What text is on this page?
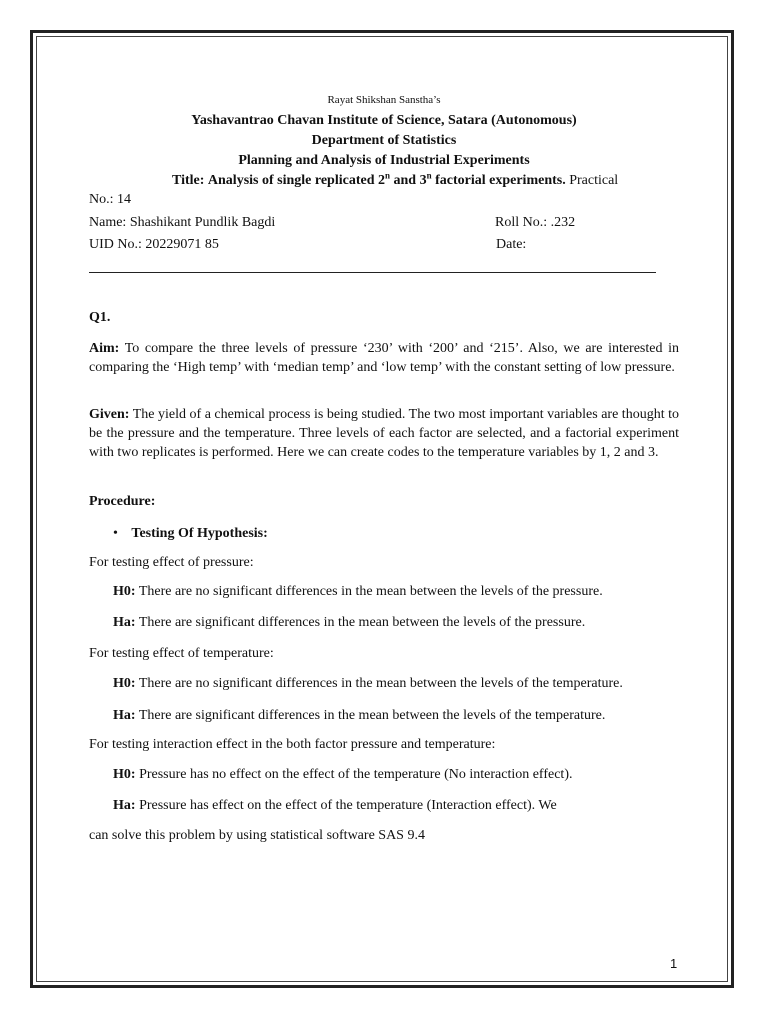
Rayat Shikshan Sanstha’s
Yashavantrao Chavan Institute of Science, Satara (Autonomous)
Department of Statistics
Planning and Analysis of Industrial Experiments
Title: Analysis of single replicated 2$^n$ and 3$^n$ factorial experiments. Practical
No.: 14
Name: Shashikant Pundlik Bagdi	Roll No.: .232
UID No.: 20229071 85	Date:
Q1.
Aim: To compare the three levels of pressure ‘230’ with ‘200’ and ‘215’. Also, we are interested in comparing the ‘High temp’ with ‘median temp’ and ‘low temp’ with the constant setting of low pressure.
Given: The yield of a chemical process is being studied. The two most important variables are thought to be the pressure and the temperature. Three levels of each factor are selected, and a factorial experiment with two replicates is performed. Here we can create codes to the temperature variables by 1, 2 and 3.
Procedure:
• Testing Of Hypothesis:
For testing effect of pressure:
H0: There are no significant differences in the mean between the levels of the pressure.
Ha: There are significant differences in the mean between the levels of the pressure.
For testing effect of temperature:
H0: There are no significant differences in the mean between the levels of the temperature.
Ha: There are significant differences in the mean between the levels of the temperature.
For testing interaction effect in the both factor pressure and temperature:
H0: Pressure has no effect on the effect of the temperature (No interaction effect).
Ha: Pressure has effect on the effect of the temperature (Interaction effect). We
can solve this problem by using statistical software SAS 9.4
1
